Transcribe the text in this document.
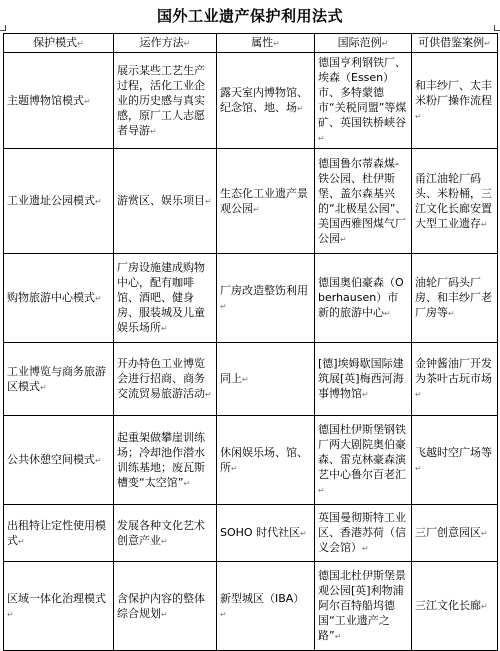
国外工业遗产保护利用法式
保护模式↵	运作方法↵	属性↵	国际范例↵	可供借鉴案例↵
主题博物馆模式↵	展示某些工艺生产过程，活化工业企业的历史感与真实感，原厂工人志愿者导游↵	露天室内博物馆、纪念馆、地、场↵	德国亨利钢铁厂、埃森（Essen）市、多特蒙德市“关税同盟”等煤矿、英国铁桥峡谷↵	和丰纱厂、太丰米粉厂操作流程↵
工业遗址公园模式↵	游赏区、娱乐项目↵	生态化工业遗产景观公园↵	德国鲁尔蒂森煤-铁公园、杜伊斯堡、盖尔森基兴的“北极星公园”、美国西雅图煤气厂公园↵	甬江油轮厂码头、米粉桶，三江文化长廊安置大型工业遗存↵
购物旅游中心模式↵	厂房设施建成购物中心，配有咖啡馆、酒吧、健身房、服装城及儿童娱乐场所↵	厂房改造整饬利用↵	德国奥伯豪森（Oberhausen）市新的旅游中心↵	油轮厂码头厂房、和丰纱厂老厂房等↵
工业博览与商务旅游区模式↵	开办特色工业博览会进行招商、商务交流贸易旅游活动↵	同上↵	[德]埃姆歇国际建筑展[英]梅西河海事博物馆↵	金钟酱油厂开发为茶叶古玩市场↵
公共休憩空间模式↵	起重架做攀崖训练场；冷却池作潜水训练基地；废瓦斯槽变“太空馆”↵	休闲娱乐场、馆、所↵	德国杜伊斯堡钢铁厂两大剧院奥伯豪森、雷克林豪森演艺中心鲁尔百老汇↵	飞越时空广场等↵
出租特让定性使用模式↵	发展各种文化艺术创意产业↵	SOHO 时代社区↵	英国曼彻斯特工业区、香港苏荷（信义会馆）↵	三厂创意园区↵
区域一体化治理模式↵	含保护内容的整体综合规划↵	新型城区（IBA）↵	德国北杜伊斯堡景观公园[英]利物浦阿尔百特船坞德国“工业遗产之路”↵	三江文化长廊↵
